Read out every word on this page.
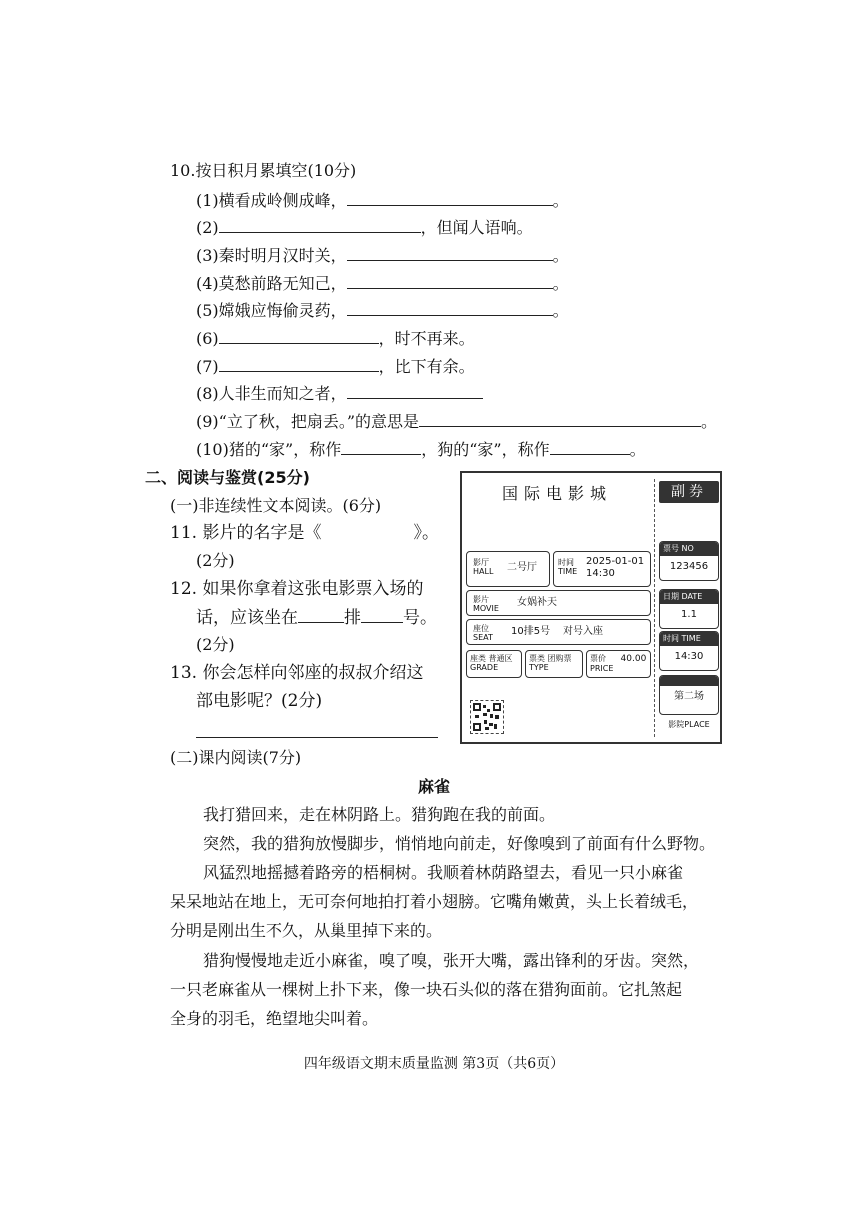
10.按日积月累填空(10分)
(1)横看成岭侧成峰，	。
(2)	，但闻人语响。
(3)秦时明月汉时关，	。
(4)莫愁前路无知己，	。
(5)嫦娥应悔偷灵药，	。
(6)	，时不再来。
(7)	，比下有余。
(8)人非生而知之者，
(9)“立了秋，把扇丢。”的意思是	。
(10)猪的“家”，称作	，狗的“家”，称作	。
二、阅读与鉴赏(25分)
(一)非连续性文本阅读。(6分)
11. 影片的名字是《	》。
(2分)
12. 如果你拿着这张电影票入场的
话，应该坐在	排 号。
(2分)
13. 你会怎样向邻座的叔叔介绍这
部电影呢？(2分)
(二)课内阅读(7分)
国际电影城
影厅
HALL	二号厅	时间
TIME
2025-01-01
14:30
影片
MOVIE
女娲补天
座位
SEAT
10排5号 对号入座
座类 普通区
GRADE
票类 团购票
TYPE
票价 40.00
PRICE
副券
票号 NO
123456
日期 DATE
1.1
时间 TIME
14:30
第二场
影院PLACE
麻雀
我打猎回来，走在林阴路上。猎狗跑在我的前面。
突然，我的猎狗放慢脚步，悄悄地向前走，好像嗅到了前面有什么野物。
风猛烈地摇撼着路旁的梧桐树。我顺着林荫路望去，看见一只小麻雀
呆呆地站在地上，无可奈何地拍打着小翅膀。它嘴角嫩黄，头上长着绒毛，
分明是刚出生不久，从巢里掉下来的。
猎狗慢慢地走近小麻雀，嗅了嗅，张开大嘴，露出锋利的牙齿。突然，
一只老麻雀从一棵树上扑下来，像一块石头似的落在猎狗面前。它扎煞起
全身的羽毛，绝望地尖叫着。
四年级语文期末质量监测 第3页（共6页）
